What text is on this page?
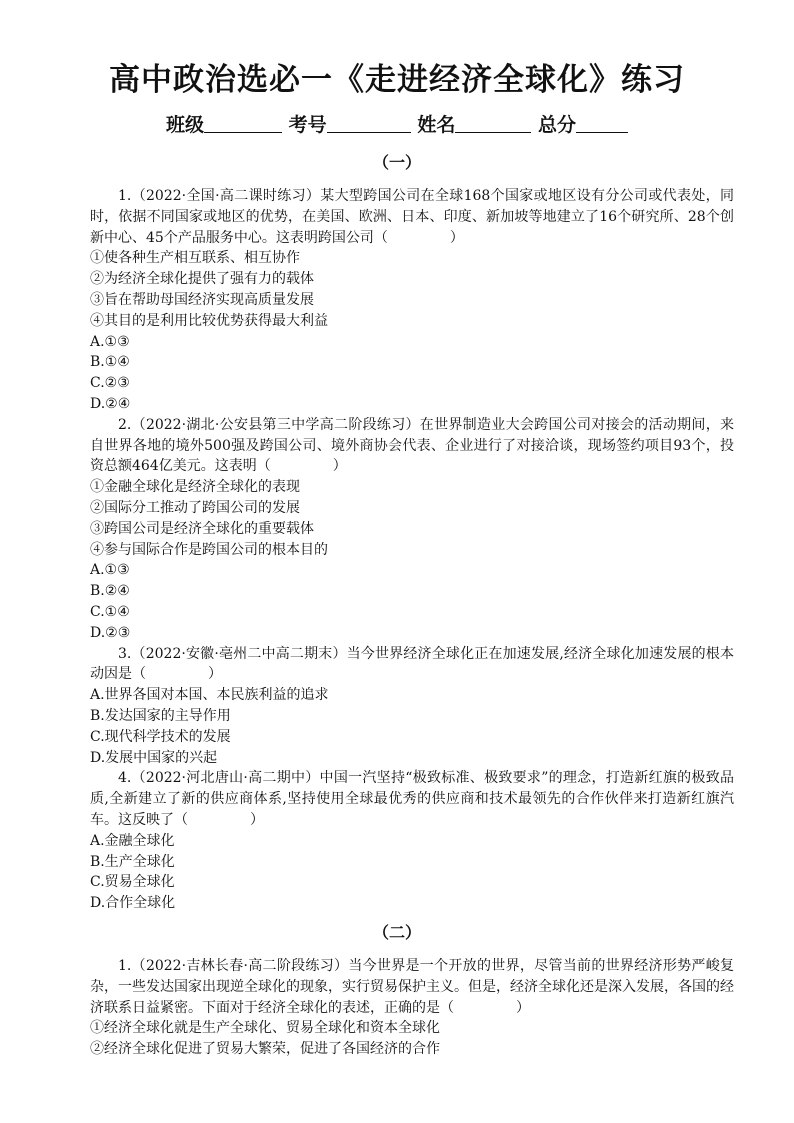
高中政治选必一《走进经济全球化》练习
班级	考号	姓名	总分
（一）

1.（2022·全国·高二课时练习）某大型跨国公司在全球168个国家或地区设有分公司或代表处，同时，依据不同国家或地区的优势，在美国、欧洲、日本、印度、新加坡等地建立了16个研究所、28个创新中心、45个产品服务中心。这表明跨国公司（	）

①使各种生产相互联系、相互协作

②为经济全球化提供了强有力的载体

③旨在帮助母国经济实现高质量发展

④其目的是利用比较优势获得最大利益

A.①③

B.①④

C.②③

D.②④

2.（2022·湖北·公安县第三中学高二阶段练习）在世界制造业大会跨国公司对接会的活动期间，来自世界各地的境外500强及跨国公司、境外商协会代表、企业进行了对接洽谈，现场签约项目93个，投资总额464亿美元。这表明（	）

①金融全球化是经济全球化的表现

②国际分工推动了跨国公司的发展

③跨国公司是经济全球化的重要载体

④参与国际合作是跨国公司的根本目的

A.①③

B.②④

C.①④

D.②③

3.（2022·安徽·亳州二中高二期末）当今世界经济全球化正在加速发展,经济全球化加速发展的根本动因是（	）

A.世界各国对本国、本民族利益的追求

B.发达国家的主导作用

C.现代科学技术的发展

D.发展中国家的兴起

4.（2022·河北唐山·高二期中）中国一汽坚持“极致标准、极致要求”的理念，打造新红旗的极致品质,全新建立了新的供应商体系,坚持使用全球最优秀的供应商和技术最领先的合作伙伴来打造新红旗汽车。这反映了（	）

A.金融全球化

B.生产全球化

C.贸易全球化

D.合作全球化

（二）

1.（2022·吉林长春·高二阶段练习）当今世界是一个开放的世界，尽管当前的世界经济形势严峻复杂，一些发达国家出现逆全球化的现象，实行贸易保护主义。但是，经济全球化还是深入发展，各国的经济联系日益紧密。下面对于经济全球化的表述，正确的是（	）

①经济全球化就是生产全球化、贸易全球化和资本全球化

②经济全球化促进了贸易大繁荣，促进了各国经济的合作
